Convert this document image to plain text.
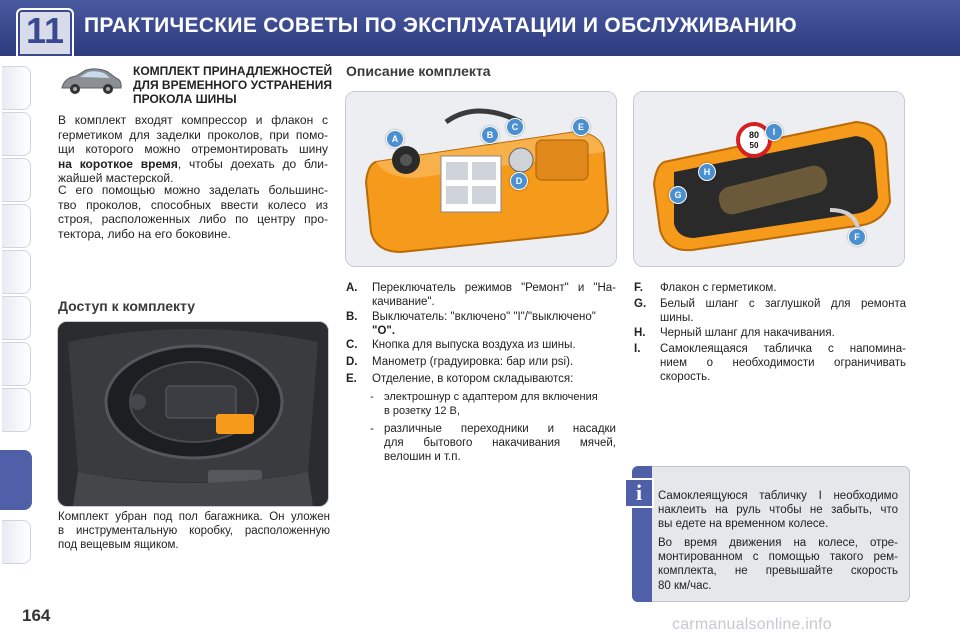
11 ПРАКТИЧЕСКИЕ СОВЕТЫ ПО ЭКСПЛУАТАЦИИ И ОБСЛУЖИВАНИЮ
КОМПЛЕКТ ПРИНАДЛЕЖНОСТЕЙ
ДЛЯ ВРЕМЕННОГО УСТРАНЕНИЯ
ПРОКОЛА ШИНЫ
В комплект входят компрессор и флакон с
герметиком для заделки проколов, при помо-
щи которого можно отремонтировать шину
на короткое время, чтобы доехать до бли-
жайшей мастерской.
С его помощью можно заделать большинс-
тво проколов, способных ввести колесо из
строя, расположенных либо по центру про-
тектора, либо на его боковине.
Доступ к комплекту
Комплект убран под пол багажника. Он уложен
в инструментальную коробку, расположенную
под вещевым ящиком.
Описание комплекта
A	B
C
D
E
80
50
I
H
G
F
A. Переключатель режимов "Ремонт" и "На-
качивание".
B. Выключатель: "включено" "I"/"выключено"
"O".
C. Кнопка для выпуска воздуха из шины.
D. Манометр (градуировка: бар или psi).
E. Отделение, в котором складываются:
- электрошнур с адаптером для включения
в розетку 12 В,
- различные переходники и насадки
для бытового накачивания мячей,
велошин и т.п.
F. Флакон с герметиком.
G. Белый шланг с заглушкой для ремонта
шины.
H. Черный шланг для накачивания.
I. Самоклеящаяся табличка с напомина-
нием о необходимости ограничивать
скорость.
i	Самоклеящуюся табличку I необходимо
наклеить на руль чтобы не забыть, что
вы едете на временном колесе.
Во время движения на колесе, отре-
монтированном с помощью такого рем-
комплекта, не превышайте скорость
80 км/час.
164	carmanualsonline.info
